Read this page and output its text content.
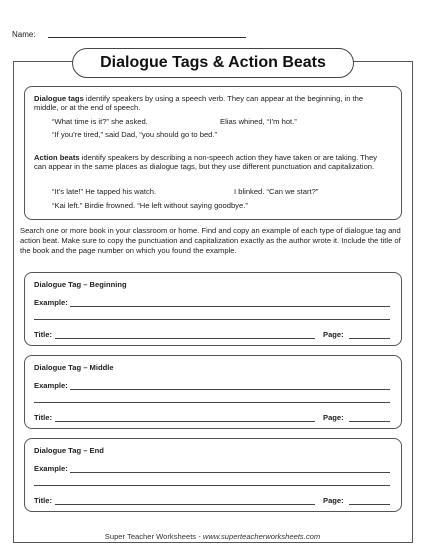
Name:
Dialogue Tags & Action Beats
Dialogue tags identify speakers by using a speech verb. They can appear at the beginning, in the middle, or at the end of speech.
“What time is it?” she asked.	Elias whined, “I’m hot.”
“If you’re tired,” said Dad, “you should go to bed.”
Action beats identify speakers by describing a non-speech action they have taken or are taking. They can appear in the same places as dialogue tags, but they use different punctuation and capitalization.
“It’s late!” He tapped his watch.	I blinked. “Can we start?”
“Kai left.” Birdie frowned. “He left without saying goodbye.”
Search one or more book in your classroom or home. Find and copy an example of each type of dialogue tag and action beat. Make sure to copy the punctuation and capitalization exactly as the author wrote it. Include the title of the book and the page number on which you found the example.
Dialogue Tag – Beginning
Example:
Title:	Page:
Dialogue Tag – Middle
Example:
Title:	Page:
Dialogue Tag – End
Example:
Title:	Page:
Super Teacher Worksheets - www.superteacherworksheets.com
